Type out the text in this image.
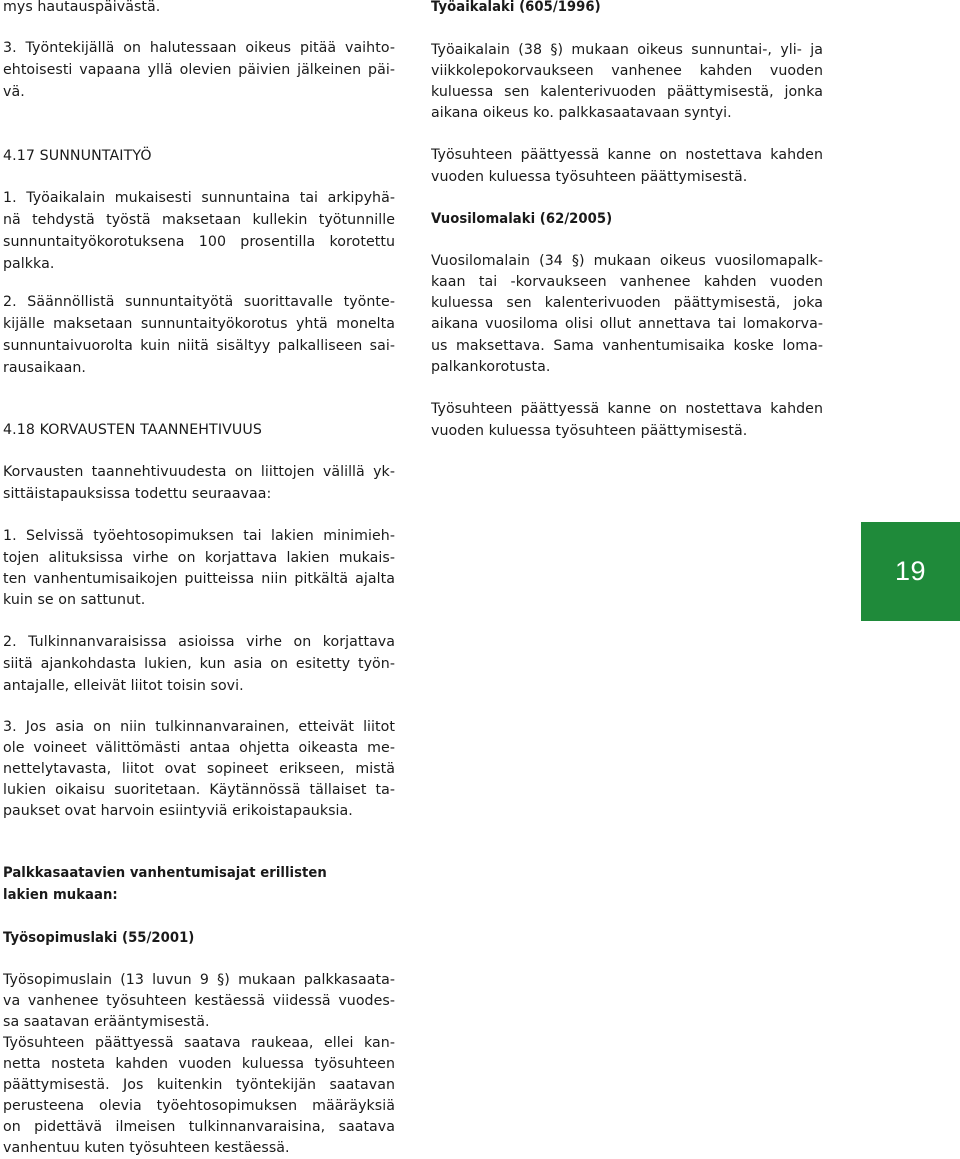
mys hautauspäivästä.
3. Työntekijällä on halutessaan oikeus pitää vaihto-
ehtoisesti vapaana yllä olevien päivien jälkeinen päi-
vä.
4.17 SUNNUNTAITYÖ
1. Työaikalain mukaisesti sunnuntaina tai arkipyhä-
nä tehdystä työstä maksetaan kullekin työtunnille
sunnuntaityökorotuksena 100 prosentilla korotettu
palkka.
2. Säännöllistä sunnuntaityötä suorittavalle työnte-
kijälle maksetaan sunnuntaityökorotus yhtä monelta
sunnuntaivuorolta kuin niitä sisältyy palkalliseen sai-
rausaikaan.
4.18 KORVAUSTEN TAANNEHTIVUUS
Korvausten taannehtivuudesta on liittojen välillä yk-
sittäistapauksissa todettu seuraavaa:
1. Selvissä työehtosopimuksen tai lakien minimieh-
tojen alituksissa virhe on korjattava lakien mukais-
ten vanhentumisaikojen puitteissa niin pitkältä ajalta
kuin se on sattunut.
2. Tulkinnanvaraisissa asioissa virhe on korjattava
siitä ajankohdasta lukien, kun asia on esitetty työn-
antajalle, elleivät liitot toisin sovi.
3. Jos asia on niin tulkinnanvarainen, etteivät liitot
ole voineet välittömästi antaa ohjetta oikeasta me-
nettelytavasta, liitot ovat sopineet erikseen, mistä
lukien oikaisu suoritetaan. Käytännössä tällaiset ta-
paukset ovat harvoin esiintyviä erikoistapauksia.
Palkkasaatavien vanhentumisajat erillisten
lakien mukaan:
Työsopimuslaki (55/2001)
Työsopimuslain (13 luvun 9 §) mukaan palkkasaata-
va vanhenee työsuhteen kestäessä viidessä vuodes-
sa saatavan erääntymisestä.
Työsuhteen päättyessä saatava raukeaa, ellei kan-
netta nosteta kahden vuoden kuluessa työsuhteen
päättymisestä. Jos kuitenkin työntekijän saatavan
perusteena olevia työehtosopimuksen määräyksiä
on pidettävä ilmeisen tulkinnanvaraisina, saatava
vanhentuu kuten työsuhteen kestäessä.
Työaikalaki (605/1996)
Työaikalain (38 §) mukaan oikeus sunnuntai-, yli- ja
viikkolepokorvaukseen vanhenee kahden vuoden
kuluessa sen kalenterivuoden päättymisestä, jonka
aikana oikeus ko. palkkasaatavaan syntyi.
Työsuhteen päättyessä kanne on nostettava kahden
vuoden kuluessa työsuhteen päättymisestä.
Vuosilomalaki (62/2005)
Vuosilomalain (34 §) mukaan oikeus vuosilomapalk-
kaan tai -korvaukseen vanhenee kahden vuoden
kuluessa sen kalenterivuoden päättymisestä, joka
aikana vuosiloma olisi ollut annettava tai lomakorva-
us maksettava. Sama vanhentumisaika koske loma-
palkankorotusta.
Työsuhteen päättyessä kanne on nostettava kahden
vuoden kuluessa työsuhteen päättymisestä.
19
